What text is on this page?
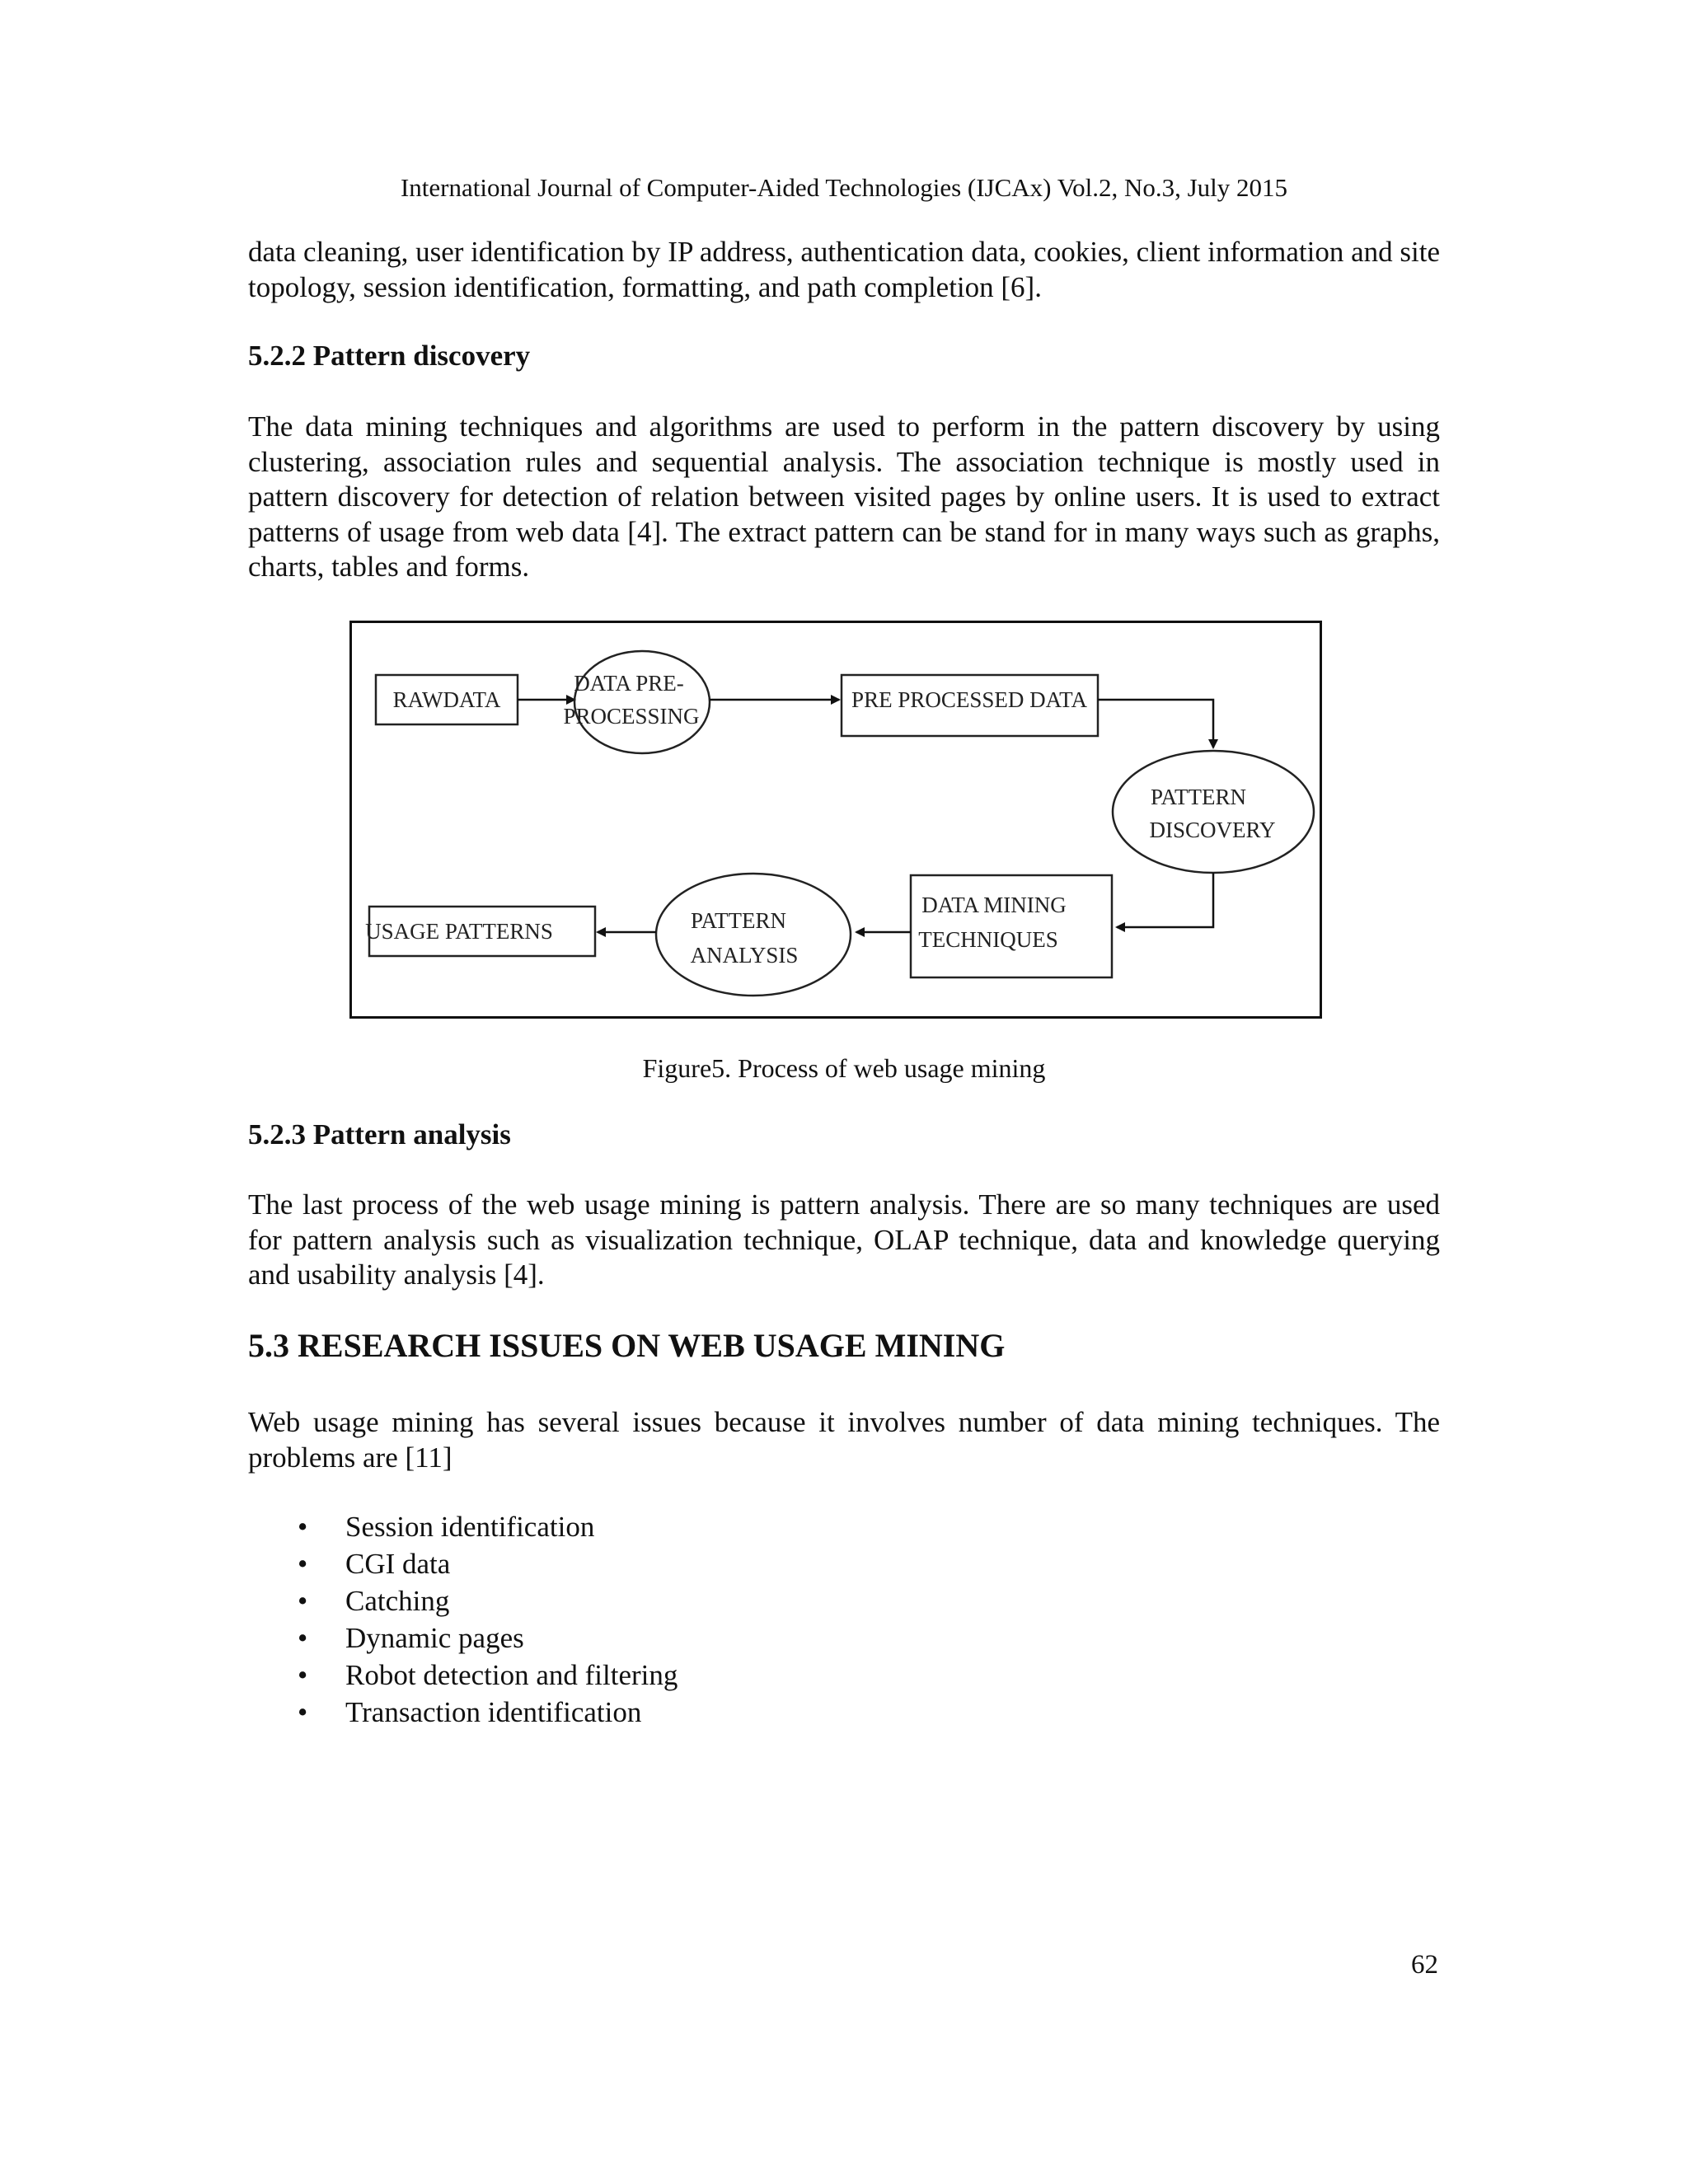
International Journal of Computer-Aided Technologies (IJCAx) Vol.2, No.3, July 2015

data cleaning, user identification by IP address, authentication data, cookies, client information and site topology, session identification, formatting, and path completion [6].

5.2.2 Pattern discovery

The data mining techniques and algorithms are used to perform in the pattern discovery by using clustering, association rules and sequential analysis. The association technique is mostly used in pattern discovery for detection of relation between visited pages by online users. It is used to extract patterns of usage from web data [4]. The extract pattern can be stand for in many ways such as graphs, charts, tables and forms.

RAWDATA
DATA PRE-
PROCESSING
PRE PROCESSED DATA
PATTERN
DISCOVERY
DATA MINING
TECHNIQUES
PATTERN
ANALYSIS
USAGE PATTERNS
Figure5. Process of web usage mining
5.2.3 Pattern analysis

The last process of the web usage mining is pattern analysis. There are so many techniques are used for pattern analysis such as visualization technique, OLAP technique, data and knowledge querying and usability analysis [4].

5.3 RESEARCH ISSUES ON WEB USAGE MINING

Web usage mining has several issues because it involves number of data mining techniques. The problems are [11]

• Session identification
• CGI data
• Catching
• Dynamic pages
• Robot detection and filtering
• Transaction identification
62
